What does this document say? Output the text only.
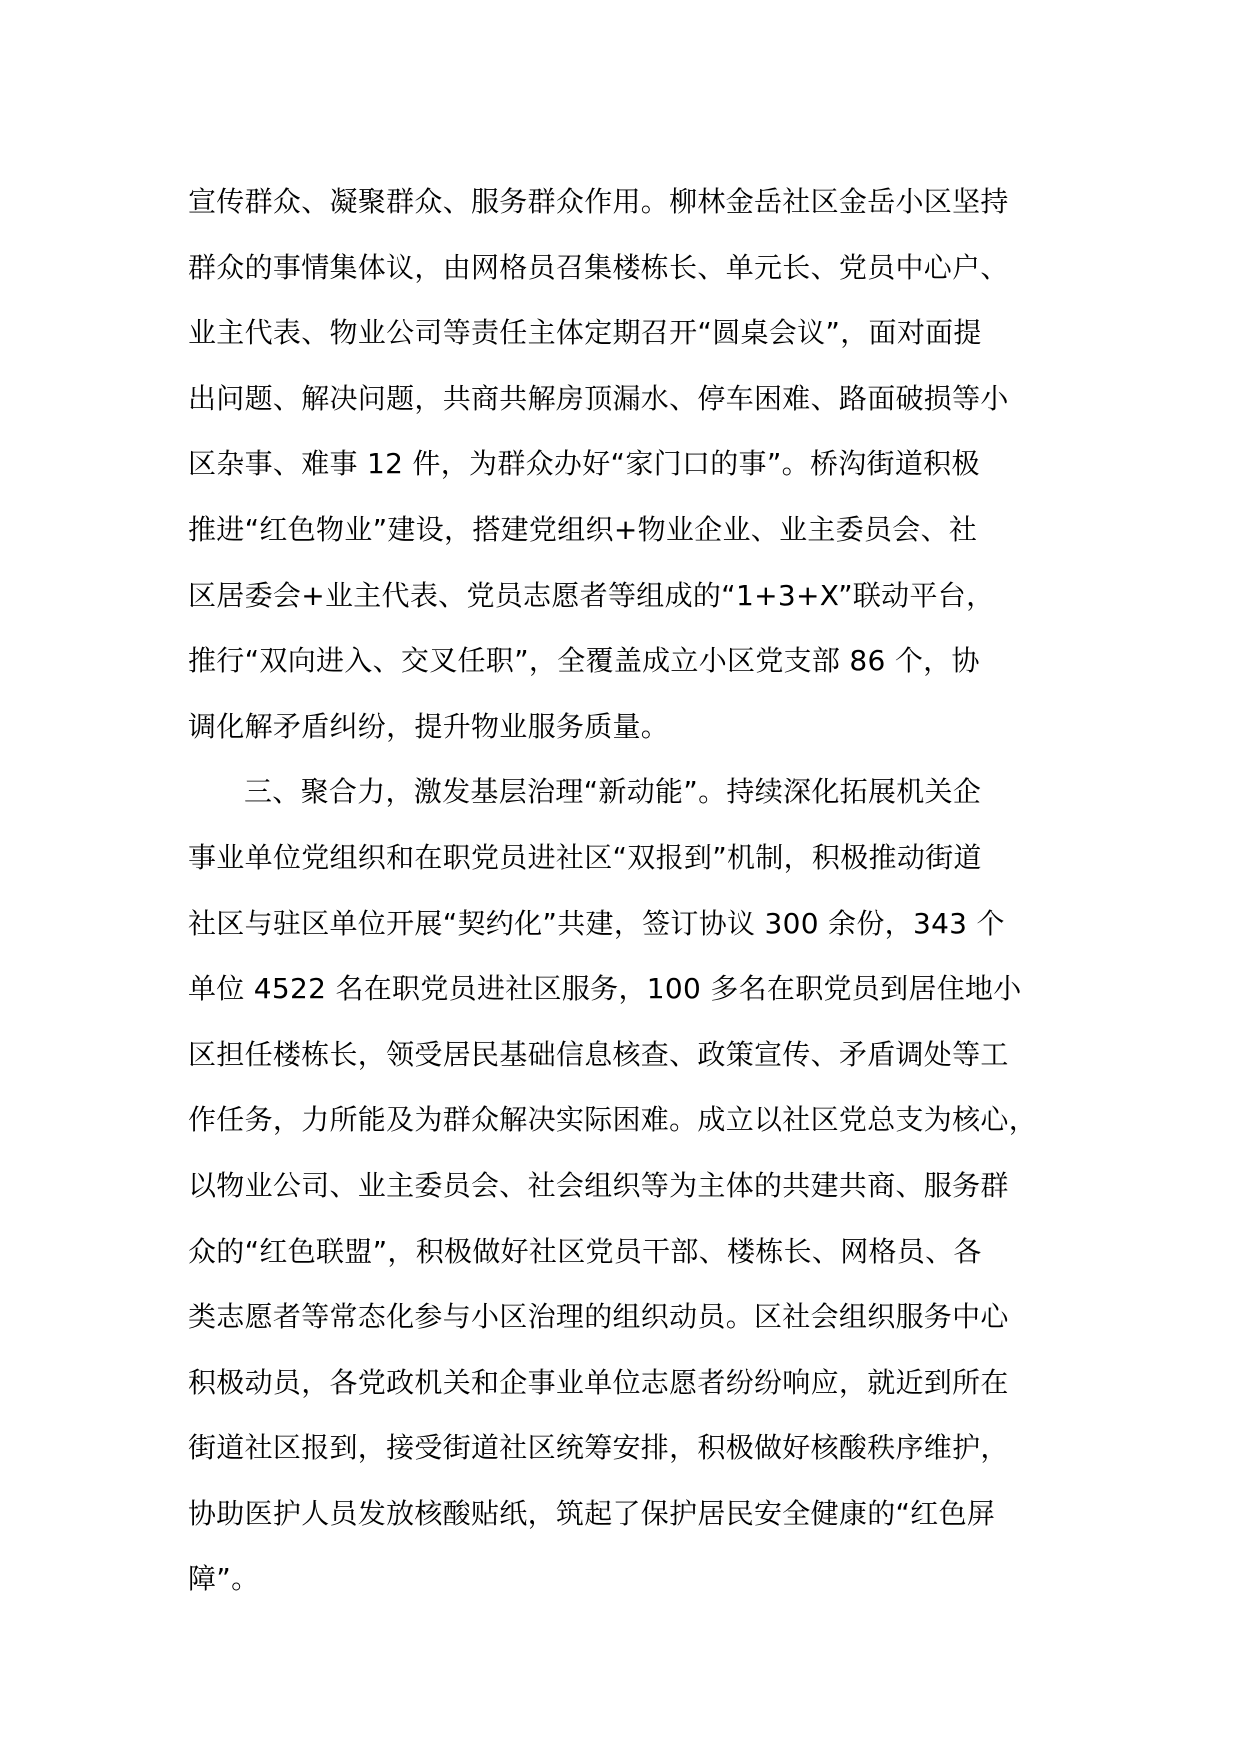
宣传群众、凝聚群众、服务群众作用。柳林金岳社区金岳小区坚持
群众的事情集体议，由网格员召集楼栋长、单元长、党员中心户、
业主代表、物业公司等责任主体定期召开“圆桌会议”，面对面提
出问题、解决问题，共商共解房顶漏水、停车困难、路面破损等小
区杂事、难事 12 件，为群众办好“家门口的事”。桥沟街道积极
推进“红色物业”建设，搭建党组织+物业企业、业主委员会、社
区居委会+业主代表、党员志愿者等组成的“1+3+X”联动平台，
推行“双向进入、交叉任职”，全覆盖成立小区党支部 86 个，协
调化解矛盾纠纷，提升物业服务质量。
三、聚合力，激发基层治理“新动能”。持续深化拓展机关企
事业单位党组织和在职党员进社区“双报到”机制，积极推动街道
社区与驻区单位开展“契约化”共建，签订协议 300 余份，343 个
单位 4522 名在职党员进社区服务，100 多名在职党员到居住地小
区担任楼栋长，领受居民基础信息核查、政策宣传、矛盾调处等工
作任务，力所能及为群众解决实际困难。成立以社区党总支为核心，
以物业公司、业主委员会、社会组织等为主体的共建共商、服务群
众的“红色联盟”，积极做好社区党员干部、楼栋长、网格员、各
类志愿者等常态化参与小区治理的组织动员。区社会组织服务中心
积极动员，各党政机关和企事业单位志愿者纷纷响应，就近到所在
街道社区报到，接受街道社区统筹安排，积极做好核酸秩序维护，
协助医护人员发放核酸贴纸，筑起了保护居民安全健康的“红色屏
障”。
